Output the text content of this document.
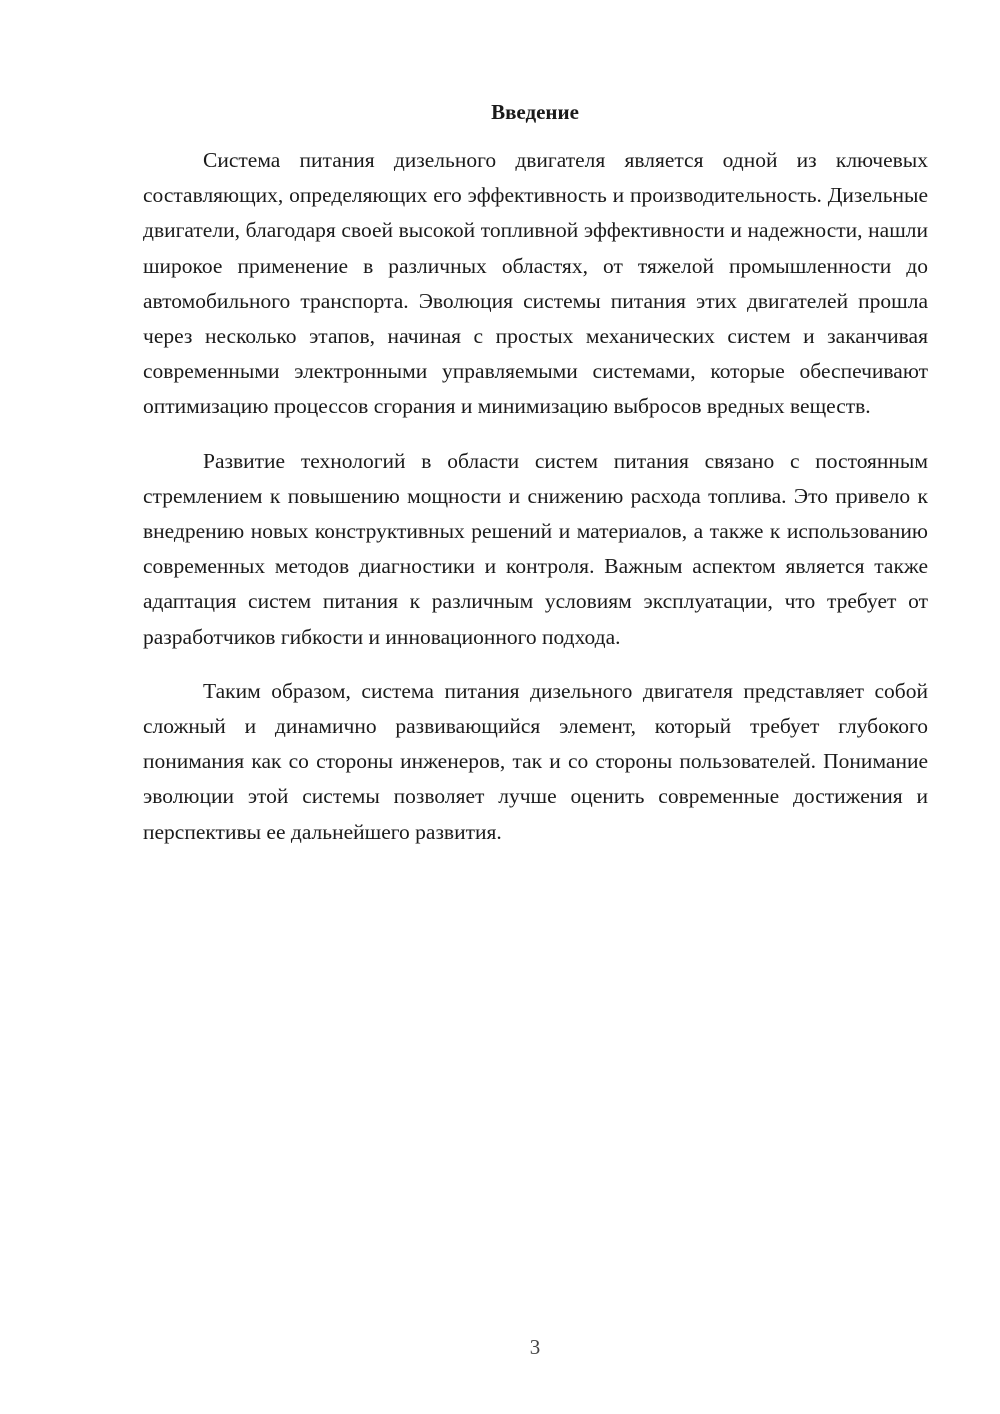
Введение

Система питания дизельного двигателя является одной из ключевых составляющих, определяющих его эффективность и производительность. Дизельные двигатели, благодаря своей высокой топливной эффективности и надежности, нашли широкое применение в различных областях, от тяжелой промышленности до автомобильного транспорта. Эволюция системы питания этих двигателей прошла через несколько этапов, начиная с простых механических систем и заканчивая современными электронными управляемыми системами, которые обеспечивают оптимизацию процессов сгорания и минимизацию выбросов вредных веществ.

Развитие технологий в области систем питания связано с постоянным стремлением к повышению мощности и снижению расхода топлива. Это привело к внедрению новых конструктивных решений и материалов, а также к использованию современных методов диагностики и контроля. Важным аспектом является также адаптация систем питания к различным условиям эксплуатации, что требует от разработчиков гибкости и инновационного подхода.

Таким образом, система питания дизельного двигателя представляет собой сложный и динамично развивающийся элемент, который требует глубокого понимания как со стороны инженеров, так и со стороны пользователей. Понимание эволюции этой системы позволяет лучше оценить современные достижения и перспективы ее дальнейшего развития.

3
